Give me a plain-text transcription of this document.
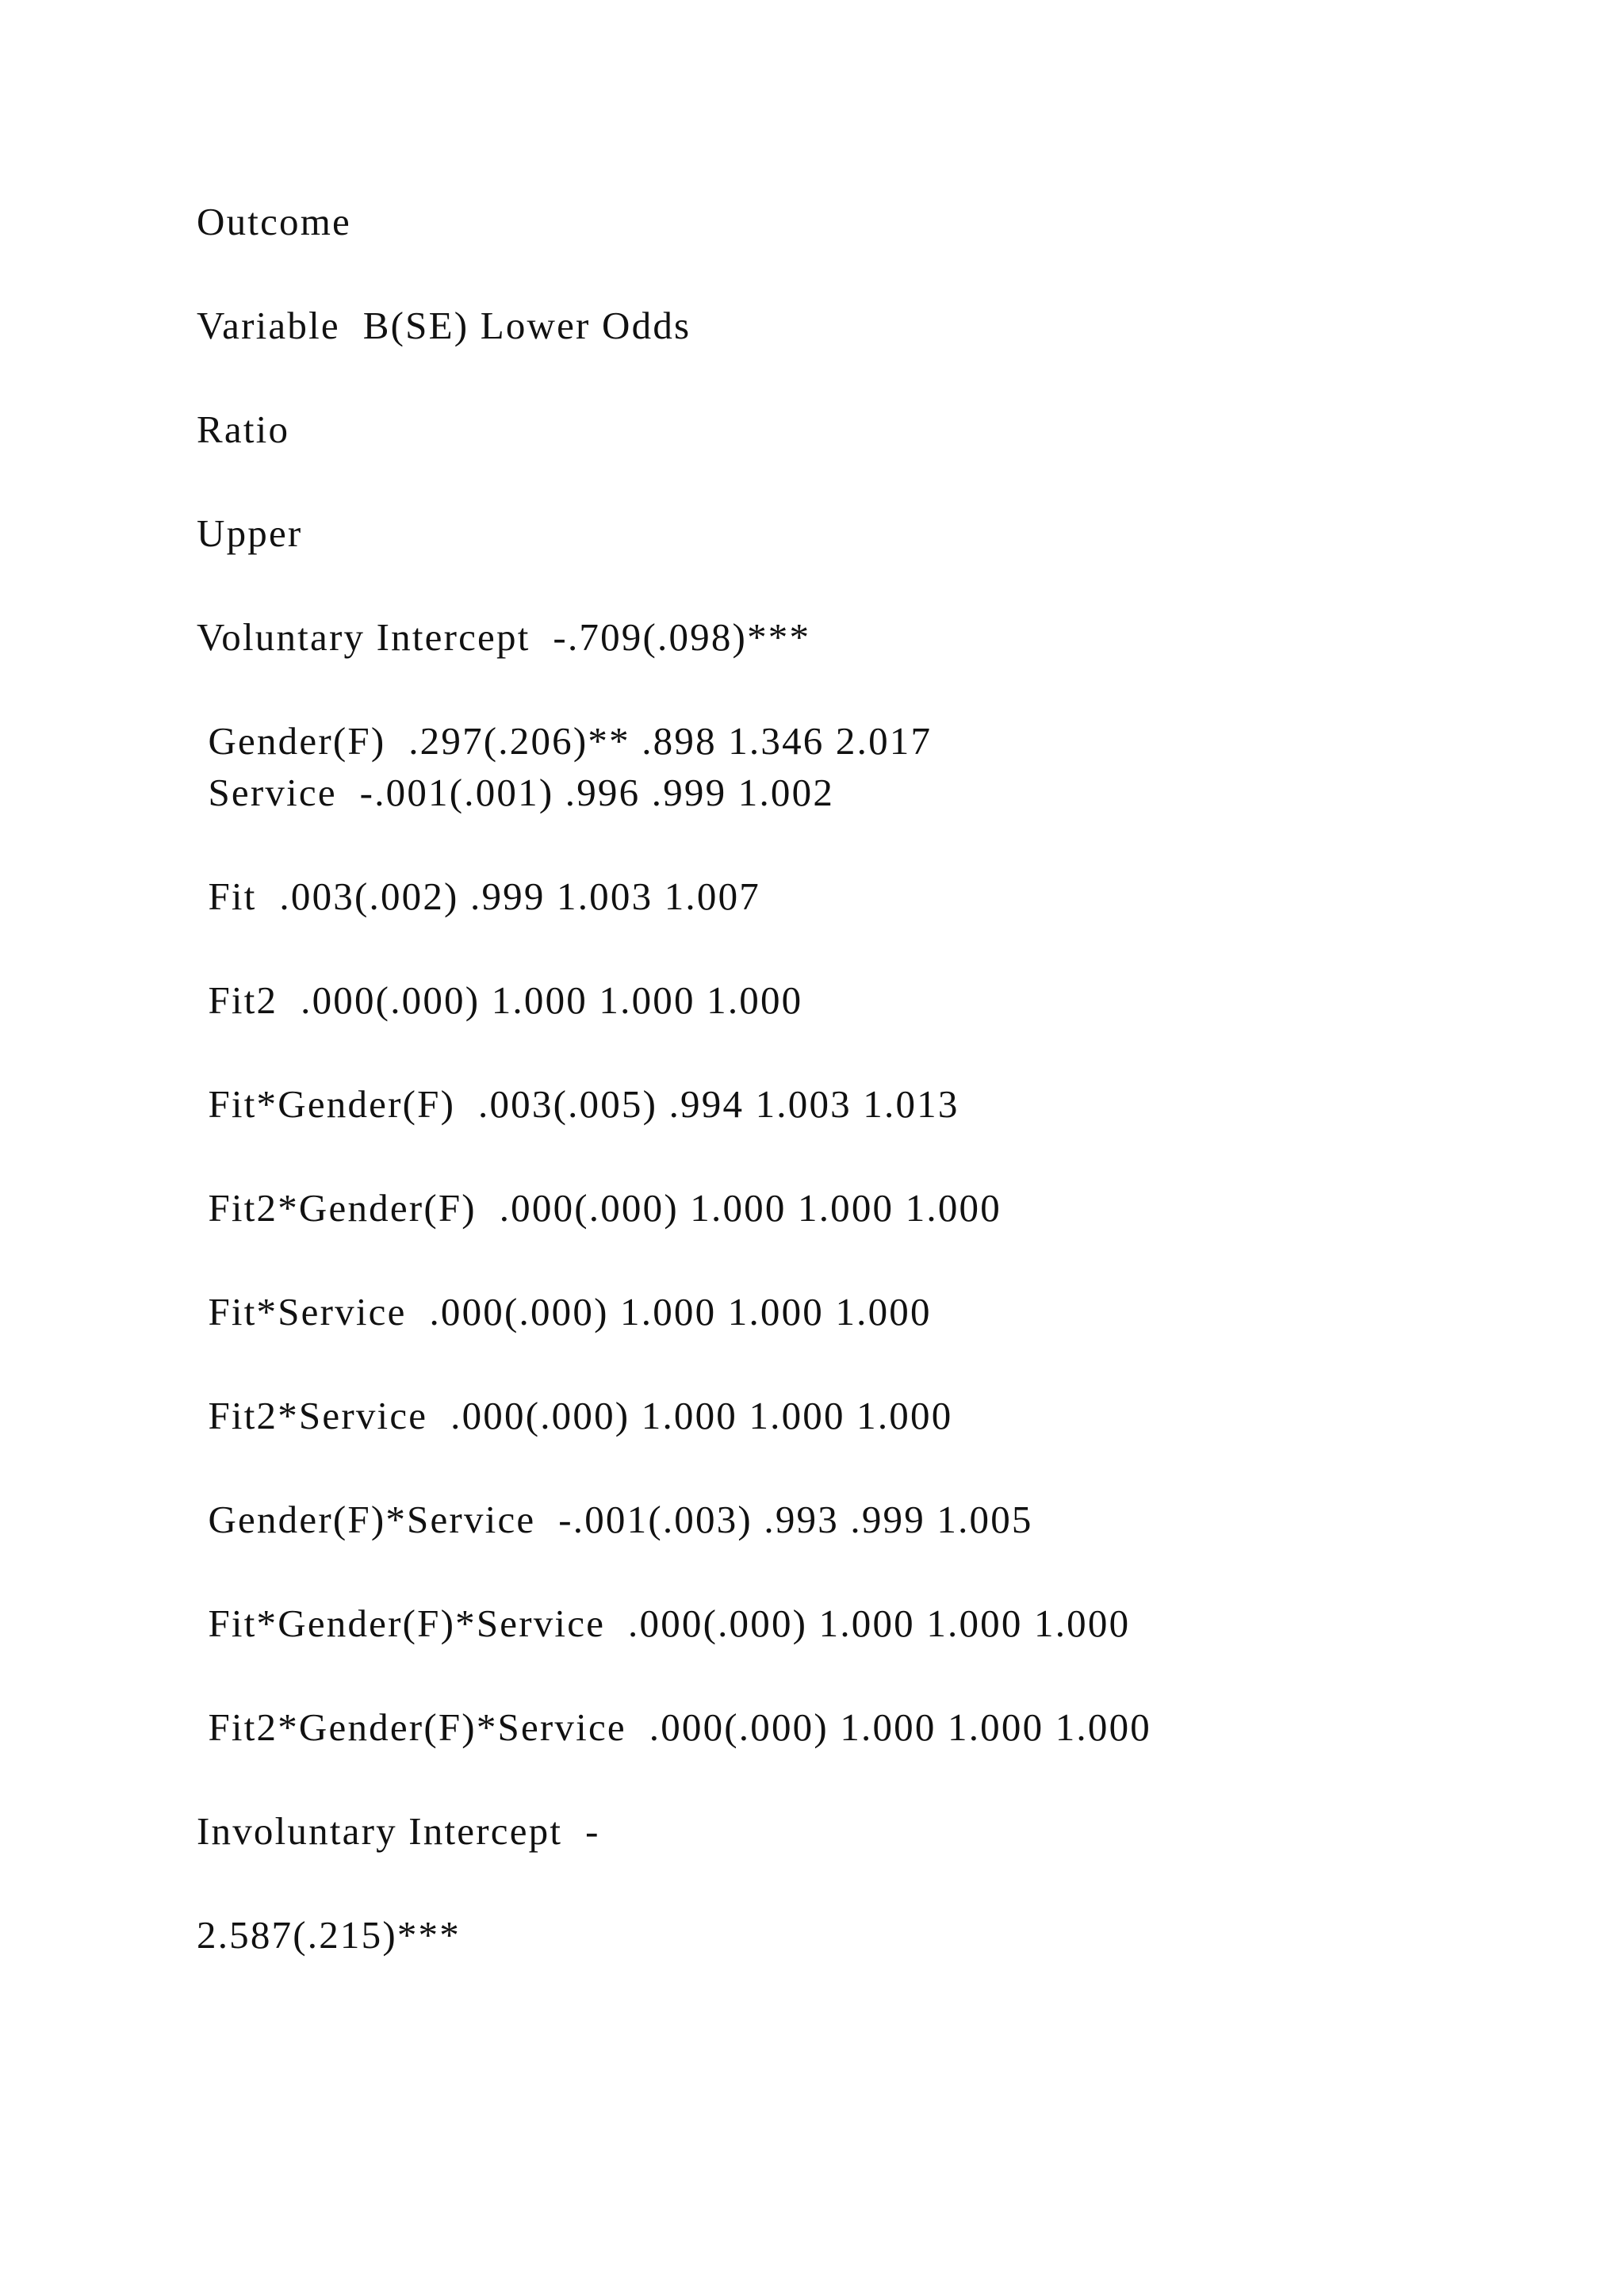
Outcome
Variable  B(SE) Lower Odds
Ratio
Upper
Voluntary Intercept  -.709(.098)***
Gender(F)  .297(.206)** .898 1.346 2.017
Service  -.001(.001) .996 .999 1.002
Fit  .003(.002) .999 1.003 1.007
Fit2  .000(.000) 1.000 1.000 1.000
Fit*Gender(F)  .003(.005) .994 1.003 1.013
Fit2*Gender(F)  .000(.000) 1.000 1.000 1.000
Fit*Service  .000(.000) 1.000 1.000 1.000
Fit2*Service  .000(.000) 1.000 1.000 1.000
Gender(F)*Service  -.001(.003) .993 .999 1.005
Fit*Gender(F)*Service  .000(.000) 1.000 1.000 1.000
Fit2*Gender(F)*Service  .000(.000) 1.000 1.000 1.000
Involuntary Intercept  -
2.587(.215)***
